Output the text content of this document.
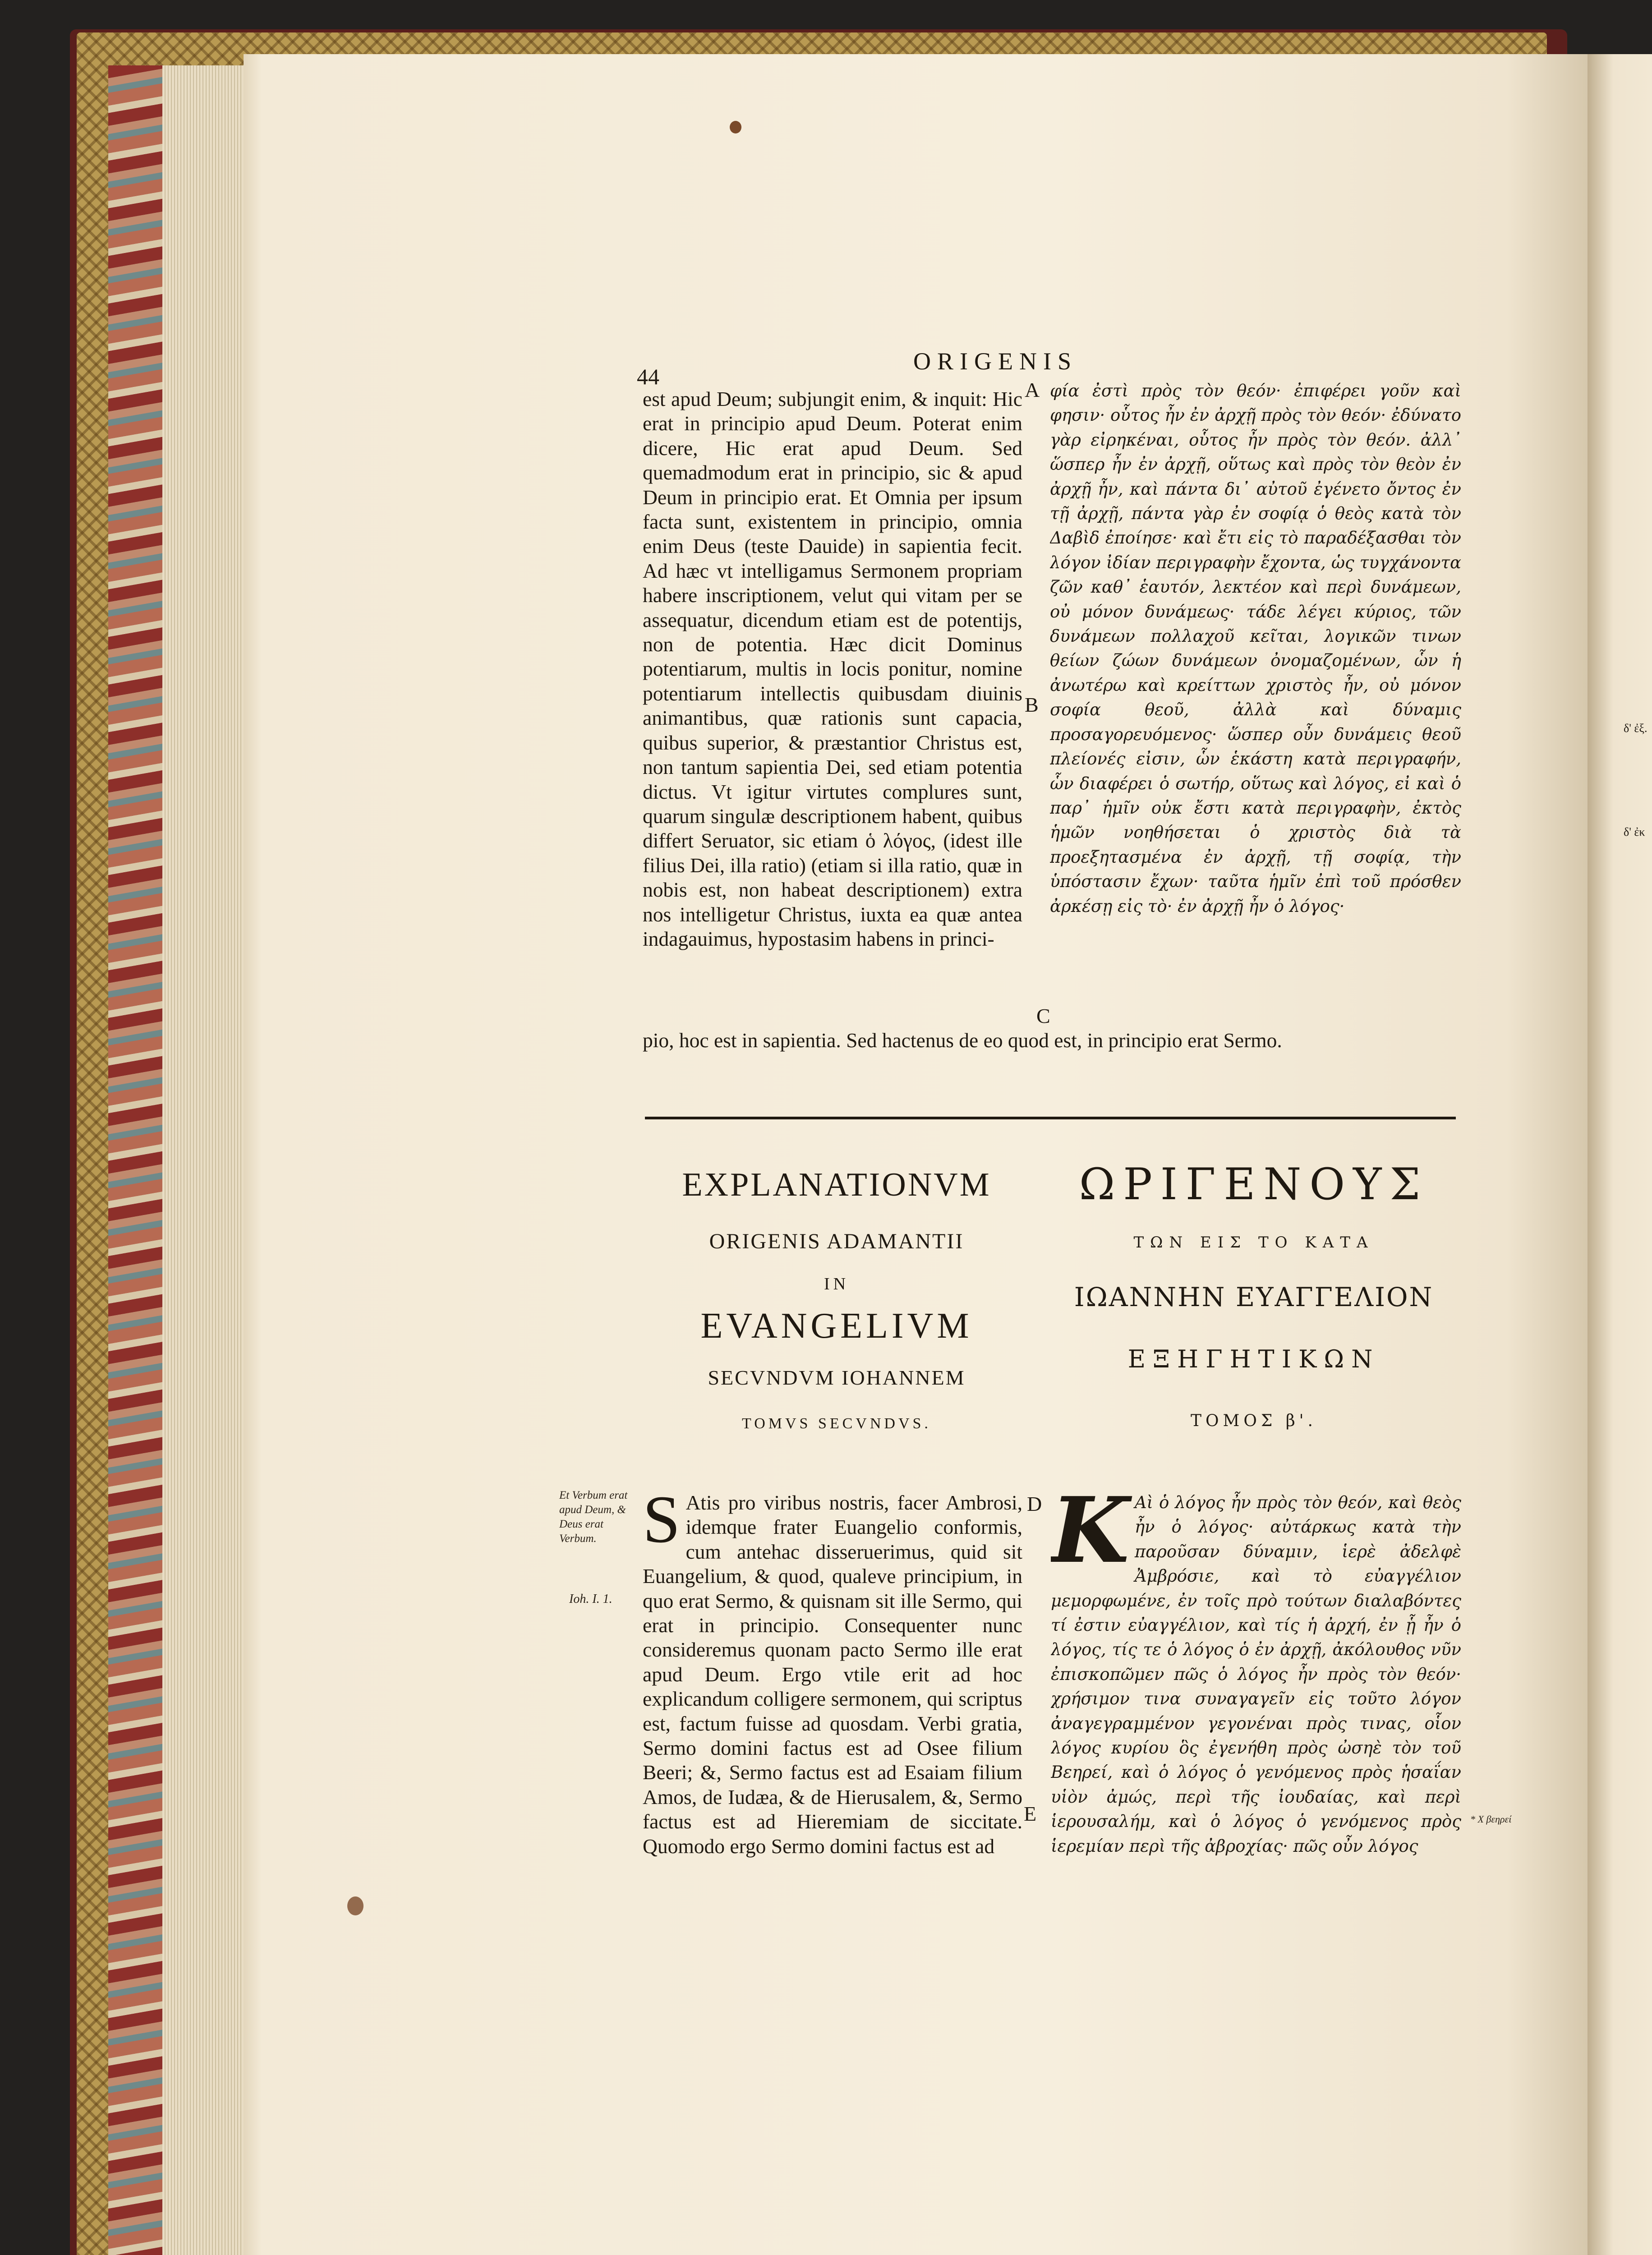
δ' ἐξ.
δ' ἐκ
44
ORIGENIS
est apud Deum; subjungit enim, & inquit: Hic erat in principio apud Deum. Poterat enim dicere, Hic erat apud Deum. Sed quemadmodum erat in principio, sic & apud Deum in principio erat. Et Omnia per ipsum facta sunt, existentem in principio, omnia enim Deus (teste Dauide) in sapientia fecit. Ad hæc vt intelligamus Sermonem propriam habere inscriptionem, velut qui vitam per se assequatur, dicendum etiam est de potentijs, non de potentia. Hæc dicit Dominus potentiarum, multis in locis ponitur, nomine potentiarum intellectis quibusdam diuinis animantibus, quæ rationis sunt capacia, quibus superior, & præstantior Christus est, non tantum sapientia Dei, sed etiam potentia dictus. Vt igitur virtutes complures sunt, quarum singulæ descriptionem habent, quibus differt Seruator, sic etiam ὁ λόγος, (idest ille filius Dei, illa ratio) (etiam si illa ratio, quæ in nobis est, non habeat descriptionem) extra nos intelligetur Christus, iuxta ea quæ antea indagauimus, hypostasim habens in princi-
pio, hoc est in sapientia. Sed hactenus de eo quod est, in principio erat Sermo.
A
B
C
φία ἐστὶ πρὸς τὸν θεόν· ἐπιφέρει γοῦν καὶ φησιν· οὗτος ἦν ἐν ἀρχῇ πρὸς τὸν θεόν· ἐδύνατο γὰρ εἰρηκέναι, οὗτος ἦν πρὸς τὸν θεόν. ἀλλ᾽ ὥσπερ ἦν ἐν ἀρχῇ, οὕτως καὶ πρὸς τὸν θεὸν ἐν ἀρχῇ ἦν, καὶ πάντα δι᾽ αὐτοῦ ἐγένετο ὄντος ἐν τῇ ἀρχῇ, πάντα γὰρ ἐν σοφίᾳ ὁ θεὸς κατὰ τὸν Δαβὶδ ἐποίησε· καὶ ἔτι εἰς τὸ παραδέξασθαι τὸν λόγον ἰδίαν περιγραφὴν ἔχοντα, ὡς τυγχάνοντα ζῶν καθ᾽ ἑαυτόν, λεκτέον καὶ περὶ δυνάμεων, οὐ μόνον δυνάμεως· τάδε λέγει κύριος, τῶν δυνάμεων πολλαχοῦ κεῖται, λογικῶν τινων θείων ζώων δυνάμεων ὀνομαζομένων, ὧν ἡ ἀνωτέρω καὶ κρείττων χριστὸς ἦν, οὐ μόνον σοφία θεοῦ, ἀλλὰ καὶ δύναμις προσαγορευόμενος· ὥσπερ οὖν δυνάμεις θεοῦ πλείονές εἰσιν, ὧν ἑκάστη κατὰ περιγραφήν, ὧν διαφέρει ὁ σωτήρ, οὕτως καὶ λόγος, εἰ καὶ ὁ παρ᾽ ἡμῖν οὐκ ἔστι κατὰ περιγραφὴν, ἐκτὸς ἡμῶν νοηθήσεται ὁ χριστὸς διὰ τὰ προεξητασμένα ἐν ἀρχῇ, τῇ σοφίᾳ, τὴν ὑπόστασιν ἔχων· ταῦτα ἡμῖν ἐπὶ τοῦ πρόσθεν ἀρκέσῃ εἰς τὸ· ἐν ἀρχῇ ἦν ὁ λόγος·
EXPLANATIONVM
ORIGENIS ADAMANTII
IN
EVANGELIVM
SECVNDVM IOHANNEM
TOMVS SECVNDVS.
ΩΡΙΓΕΝΟΥΣ
ΤΩΝ ΕΙΣ ΤΟ ΚΑΤΑ
ΙΩΑΝΝΗΝ ΕΥΑΓΓΕΛΙΟΝ
ΕΞΗΓΗΤΙΚΩΝ
ΤΟΜΟΣ β'.
Et Verbum erat apud Deum, & Deus erat Verbum.
Ioh. I. 1.
S Atis pro viribus nostris, facer Ambrosi, idemque frater Euangelio conformis, cum antehac disseruerimus, quid sit Euangelium, & quod, qualeve principium, in quo erat Sermo, & quisnam sit ille Sermo, qui erat in principio. Consequenter nunc consideremus quonam pacto Sermo ille erat apud Deum. Ergo vtile erit ad hoc explicandum colligere sermonem, qui scriptus est, factum fuisse ad quosdam. Verbi gratia, Sermo domini factus est ad Osee filium Beeri; &, Sermo factus est ad Esaiam filium Amos, de Iudæa, & de Hierusalem, &, Sermo factus est ad Hieremiam de siccitate. Quomodo ergo Sermo domini factus est ad
D
E
K Αὶ ὁ λόγος ἦν πρὸς τὸν θεόν, καὶ θεὸς ἦν ὁ λόγος· αὐτάρκως κατὰ τὴν παροῦσαν δύναμιν, ἱερὲ ἀδελφὲ Ἀμβρόσιε, καὶ τὸ εὐαγγέλιον μεμορφωμένε, ἐν τοῖς πρὸ τούτων διαλαβόντες τί ἐστιν εὐαγγέλιον, καὶ τίς ἡ ἀρχή, ἐν ᾗ ἦν ὁ λόγος, τίς τε ὁ λόγος ὁ ἐν ἀρχῇ, ἀκόλουθος νῦν ἐπισκοπῶμεν πῶς ὁ λόγος ἦν πρὸς τὸν θεόν· χρήσιμον τινα συναγαγεῖν εἰς τοῦτο λόγον ἀναγεγραμμένον γεγονέναι πρὸς τινας, οἷον λόγος κυρίου ὃς ἐγενήθη πρὸς ὠσηὲ τὸν τοῦ Βεηρεί, καὶ ὁ λόγος ὁ γενόμενος πρὸς ἡσαΐαν υἱὸν ἀμώς, περὶ τῆς ἰουδαίας, καὶ περὶ ἱερουσαλήμ, καὶ ὁ λόγος ὁ γενόμενος πρὸς ἱερεμίαν περὶ τῆς ἀβροχίας· πῶς οὖν λόγος
* Χ βεηρεί
